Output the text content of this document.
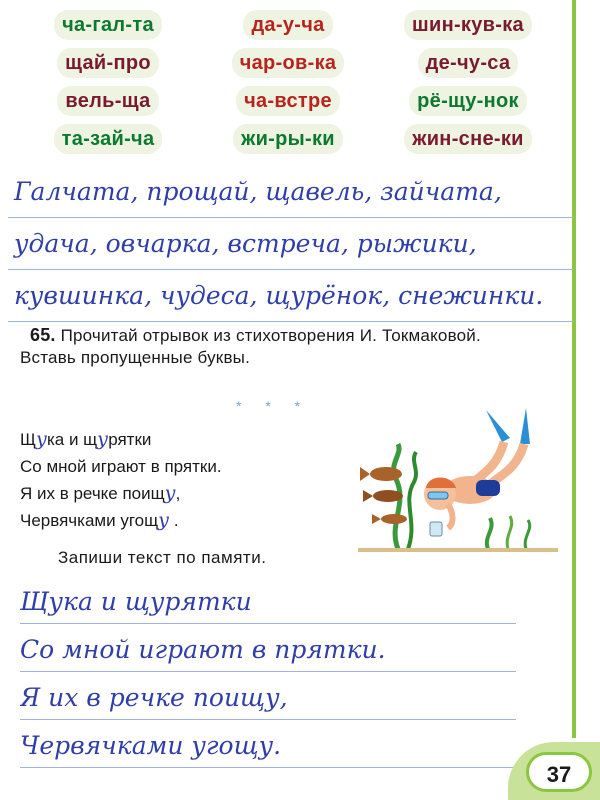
ча-гал-та	да-у-ча	шин-кув-ка
щай-про	чар-ов-ка	де-чу-са
вель-ща	ча-встре	рё-щу-нок
та-зай-ча	жи-ры-ки	жин-сне-ки
Галчата, прощай, щавель, зайчата,
удача, овчарка, встреча, рыжики,
кувшинка, чудеса, щурёнок, снежинки.
65. Прочитай отрывок из стихотворения И. Токмаковой. Вставь пропущенные буквы.
* * *
Щука и щурятки
Со мной играют в прятки.
Я их в речке поищу,
Червячками угощу .
Запиши текст по памяти.
Щука и щурятки
Со мной играют в прятки.
Я их в речке поищу,
Червячками угощу.
37
